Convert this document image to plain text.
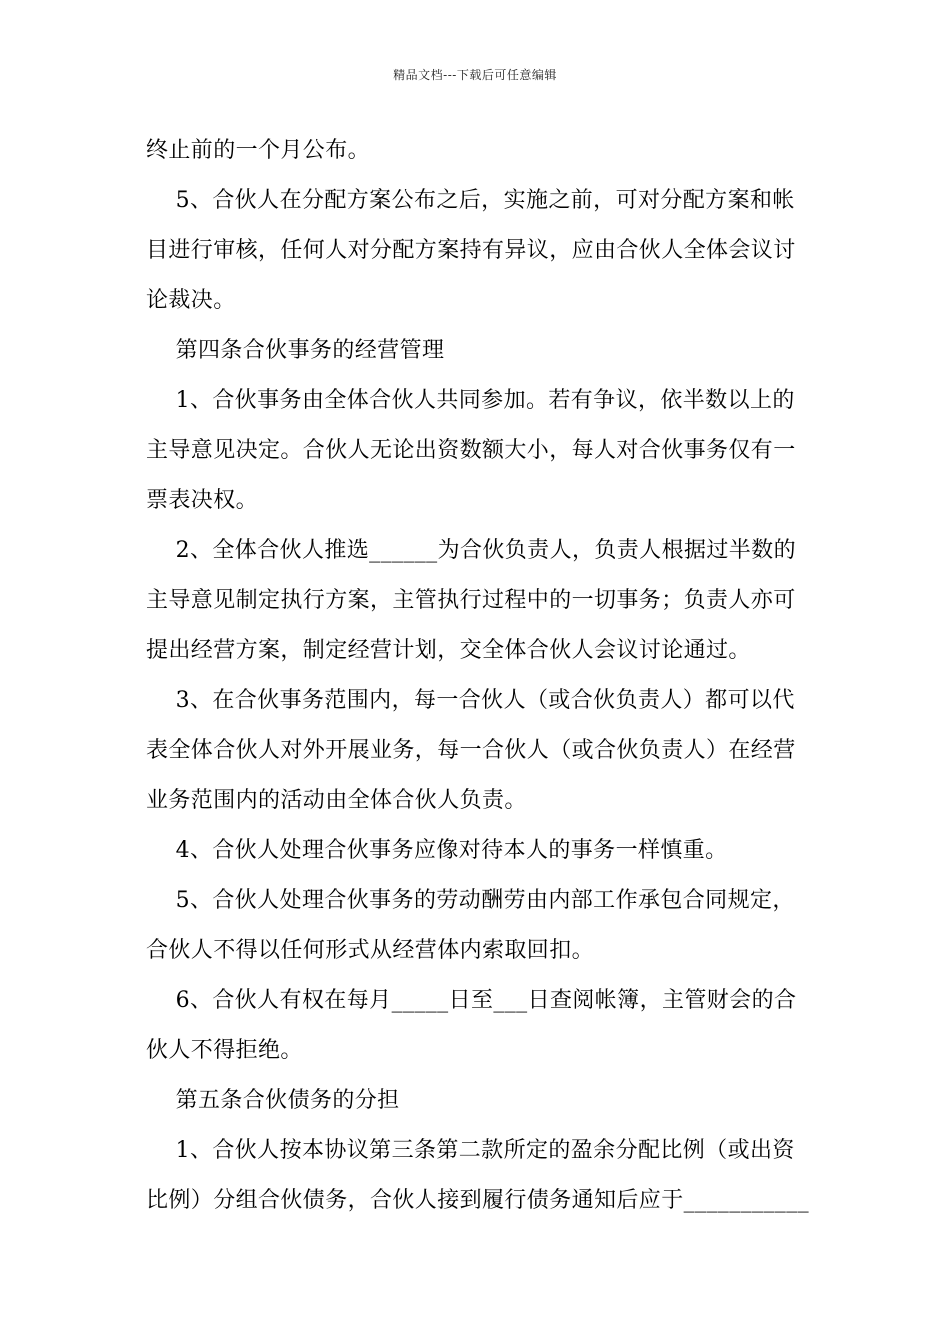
精品文档---下载后可任意编辑
终止前的一个月公布。
5、合伙人在分配方案公布之后，实施之前，可对分配方案和帐
目进行审核，任何人对分配方案持有异议，应由合伙人全体会议讨
论裁决。
第四条合伙事务的经营管理
1、合伙事务由全体合伙人共同参加。若有争议，依半数以上的
主导意见决定。合伙人无论出资数额大小，每人对合伙事务仅有一
票表决权。
2、全体合伙人推选______为合伙负责人，负责人根据过半数的
主导意见制定执行方案，主管执行过程中的一切事务；负责人亦可
提出经营方案，制定经营计划，交全体合伙人会议讨论通过。
3、在合伙事务范围内，每一合伙人（或合伙负责人）都可以代
表全体合伙人对外开展业务，每一合伙人（或合伙负责人）在经营
业务范围内的活动由全体合伙人负责。
4、合伙人处理合伙事务应像对待本人的事务一样慎重。
5、合伙人处理合伙事务的劳动酬劳由内部工作承包合同规定，
合伙人不得以任何形式从经营体内索取回扣。
6、合伙人有权在每月_____日至___日查阅帐簿，主管财会的合
伙人不得拒绝。
第五条合伙债务的分担
1、合伙人按本协议第三条第二款所定的盈余分配比例（或出资
比例）分组合伙债务，合伙人接到履行债务通知后应于___________
